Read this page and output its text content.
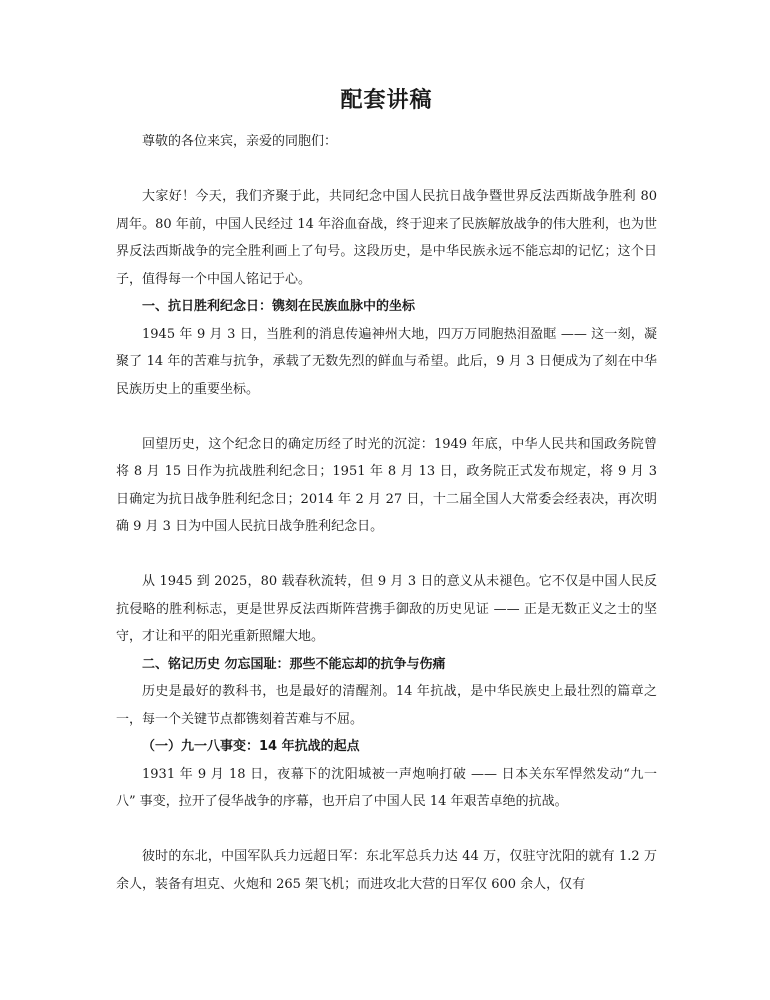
配套讲稿

尊敬的各位来宾，亲爱的同胞们：

大家好！今天，我们齐聚于此，共同纪念中国人民抗日战争暨世界反法西斯战争胜利 80 周年。80 年前，中国人民经过 14 年浴血奋战，终于迎来了民族解放战争的伟大胜利，也为世界反法西斯战争的完全胜利画上了句号。这段历史，是中华民族永远不能忘却的记忆；这个日子，值得每一个中国人铭记于心。

一、抗日胜利纪念日：镌刻在民族血脉中的坐标

1945 年 9 月 3 日，当胜利的消息传遍神州大地，四万万同胞热泪盈眶 —— 这一刻，凝聚了 14 年的苦难与抗争，承载了无数先烈的鲜血与希望。此后，9 月 3 日便成为了刻在中华民族历史上的重要坐标。

回望历史，这个纪念日的确定历经了时光的沉淀：1949 年底，中华人民共和国政务院曾将 8 月 15 日作为抗战胜利纪念日；1951 年 8 月 13 日，政务院正式发布规定，将 9 月 3 日确定为抗日战争胜利纪念日；2014 年 2 月 27 日，十二届全国人大常委会经表决，再次明确 9 月 3 日为中国人民抗日战争胜利纪念日。

从 1945 到 2025，80 载春秋流转，但 9 月 3 日的意义从未褪色。它不仅是中国人民反抗侵略的胜利标志，更是世界反法西斯阵营携手御敌的历史见证 —— 正是无数正义之士的坚守，才让和平的阳光重新照耀大地。

二、铭记历史 勿忘国耻：那些不能忘却的抗争与伤痛

历史是最好的教科书，也是最好的清醒剂。14 年抗战，是中华民族史上最壮烈的篇章之一，每一个关键节点都镌刻着苦难与不屈。

（一）九一八事变：14 年抗战的起点

1931 年 9 月 18 日，夜幕下的沈阳城被一声炮响打破 —— 日本关东军悍然发动“九一八” 事变，拉开了侵华战争的序幕，也开启了中国人民 14 年艰苦卓绝的抗战。

彼时的东北，中国军队兵力远超日军：东北军总兵力达 44 万，仅驻守沈阳的就有 1.2 万余人，装备有坦克、火炮和 265 架飞机；而进攻北大营的日军仅 600 余人，仅有
